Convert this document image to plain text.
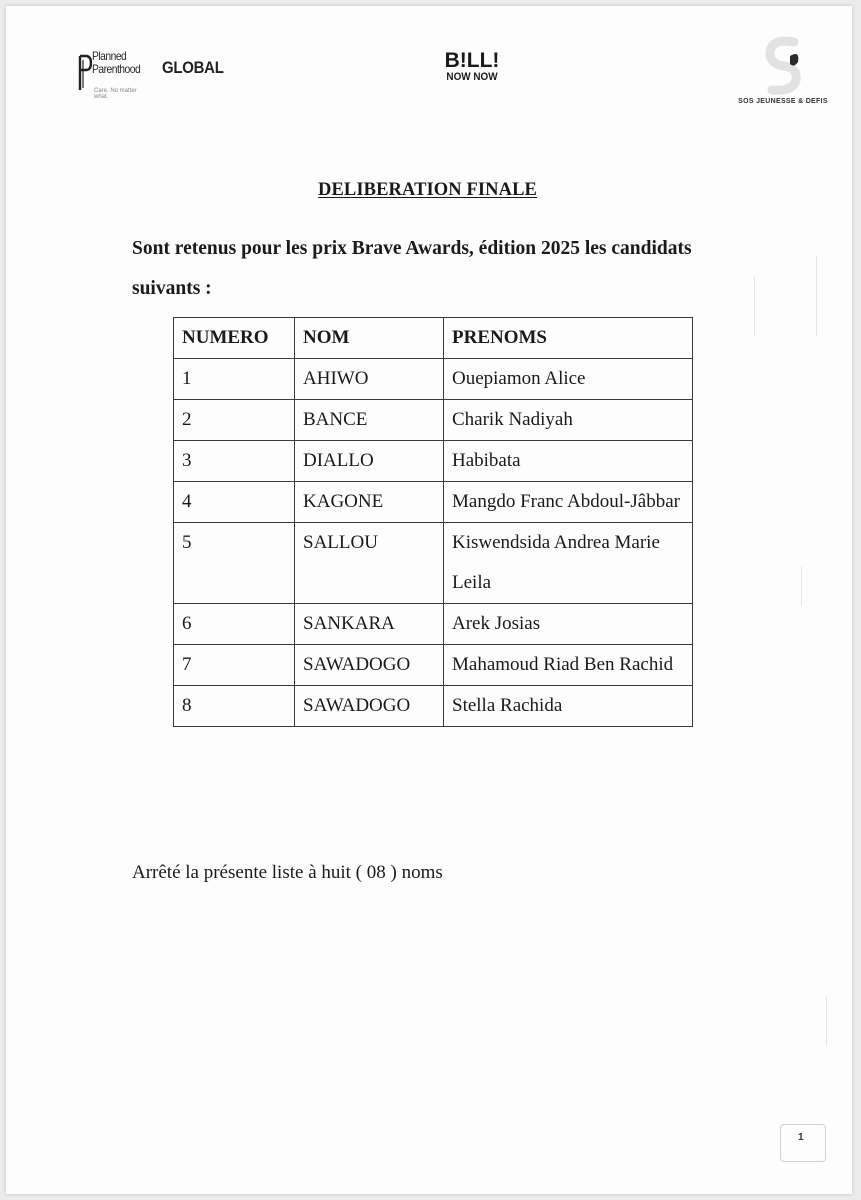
Planned
Parenthood
Care. No matter what.
GLOBAL	B!LL!
NOW NOW
SOS JEUNESSE & DEFIS
DELIBERATION FINALE
Sont retenus pour les prix Brave Awards, édition 2025 les candidats suivants :
NUMERO	NOM	PRENOMS
1	AHIWO	Ouepiamon Alice
2	BANCE	Charik Nadiyah
3	DIALLO	Habibata
4	KAGONE	Mangdo Franc Abdoul-Jâbbar
5	SALLOU	Kiswendsida Andrea Marie Leila
6	SANKARA	Arek Josias
7	SAWADOGO	Mahamoud Riad Ben Rachid
8	SAWADOGO	Stella Rachida
Arrêté la présente liste à huit ( 08 ) noms
1
